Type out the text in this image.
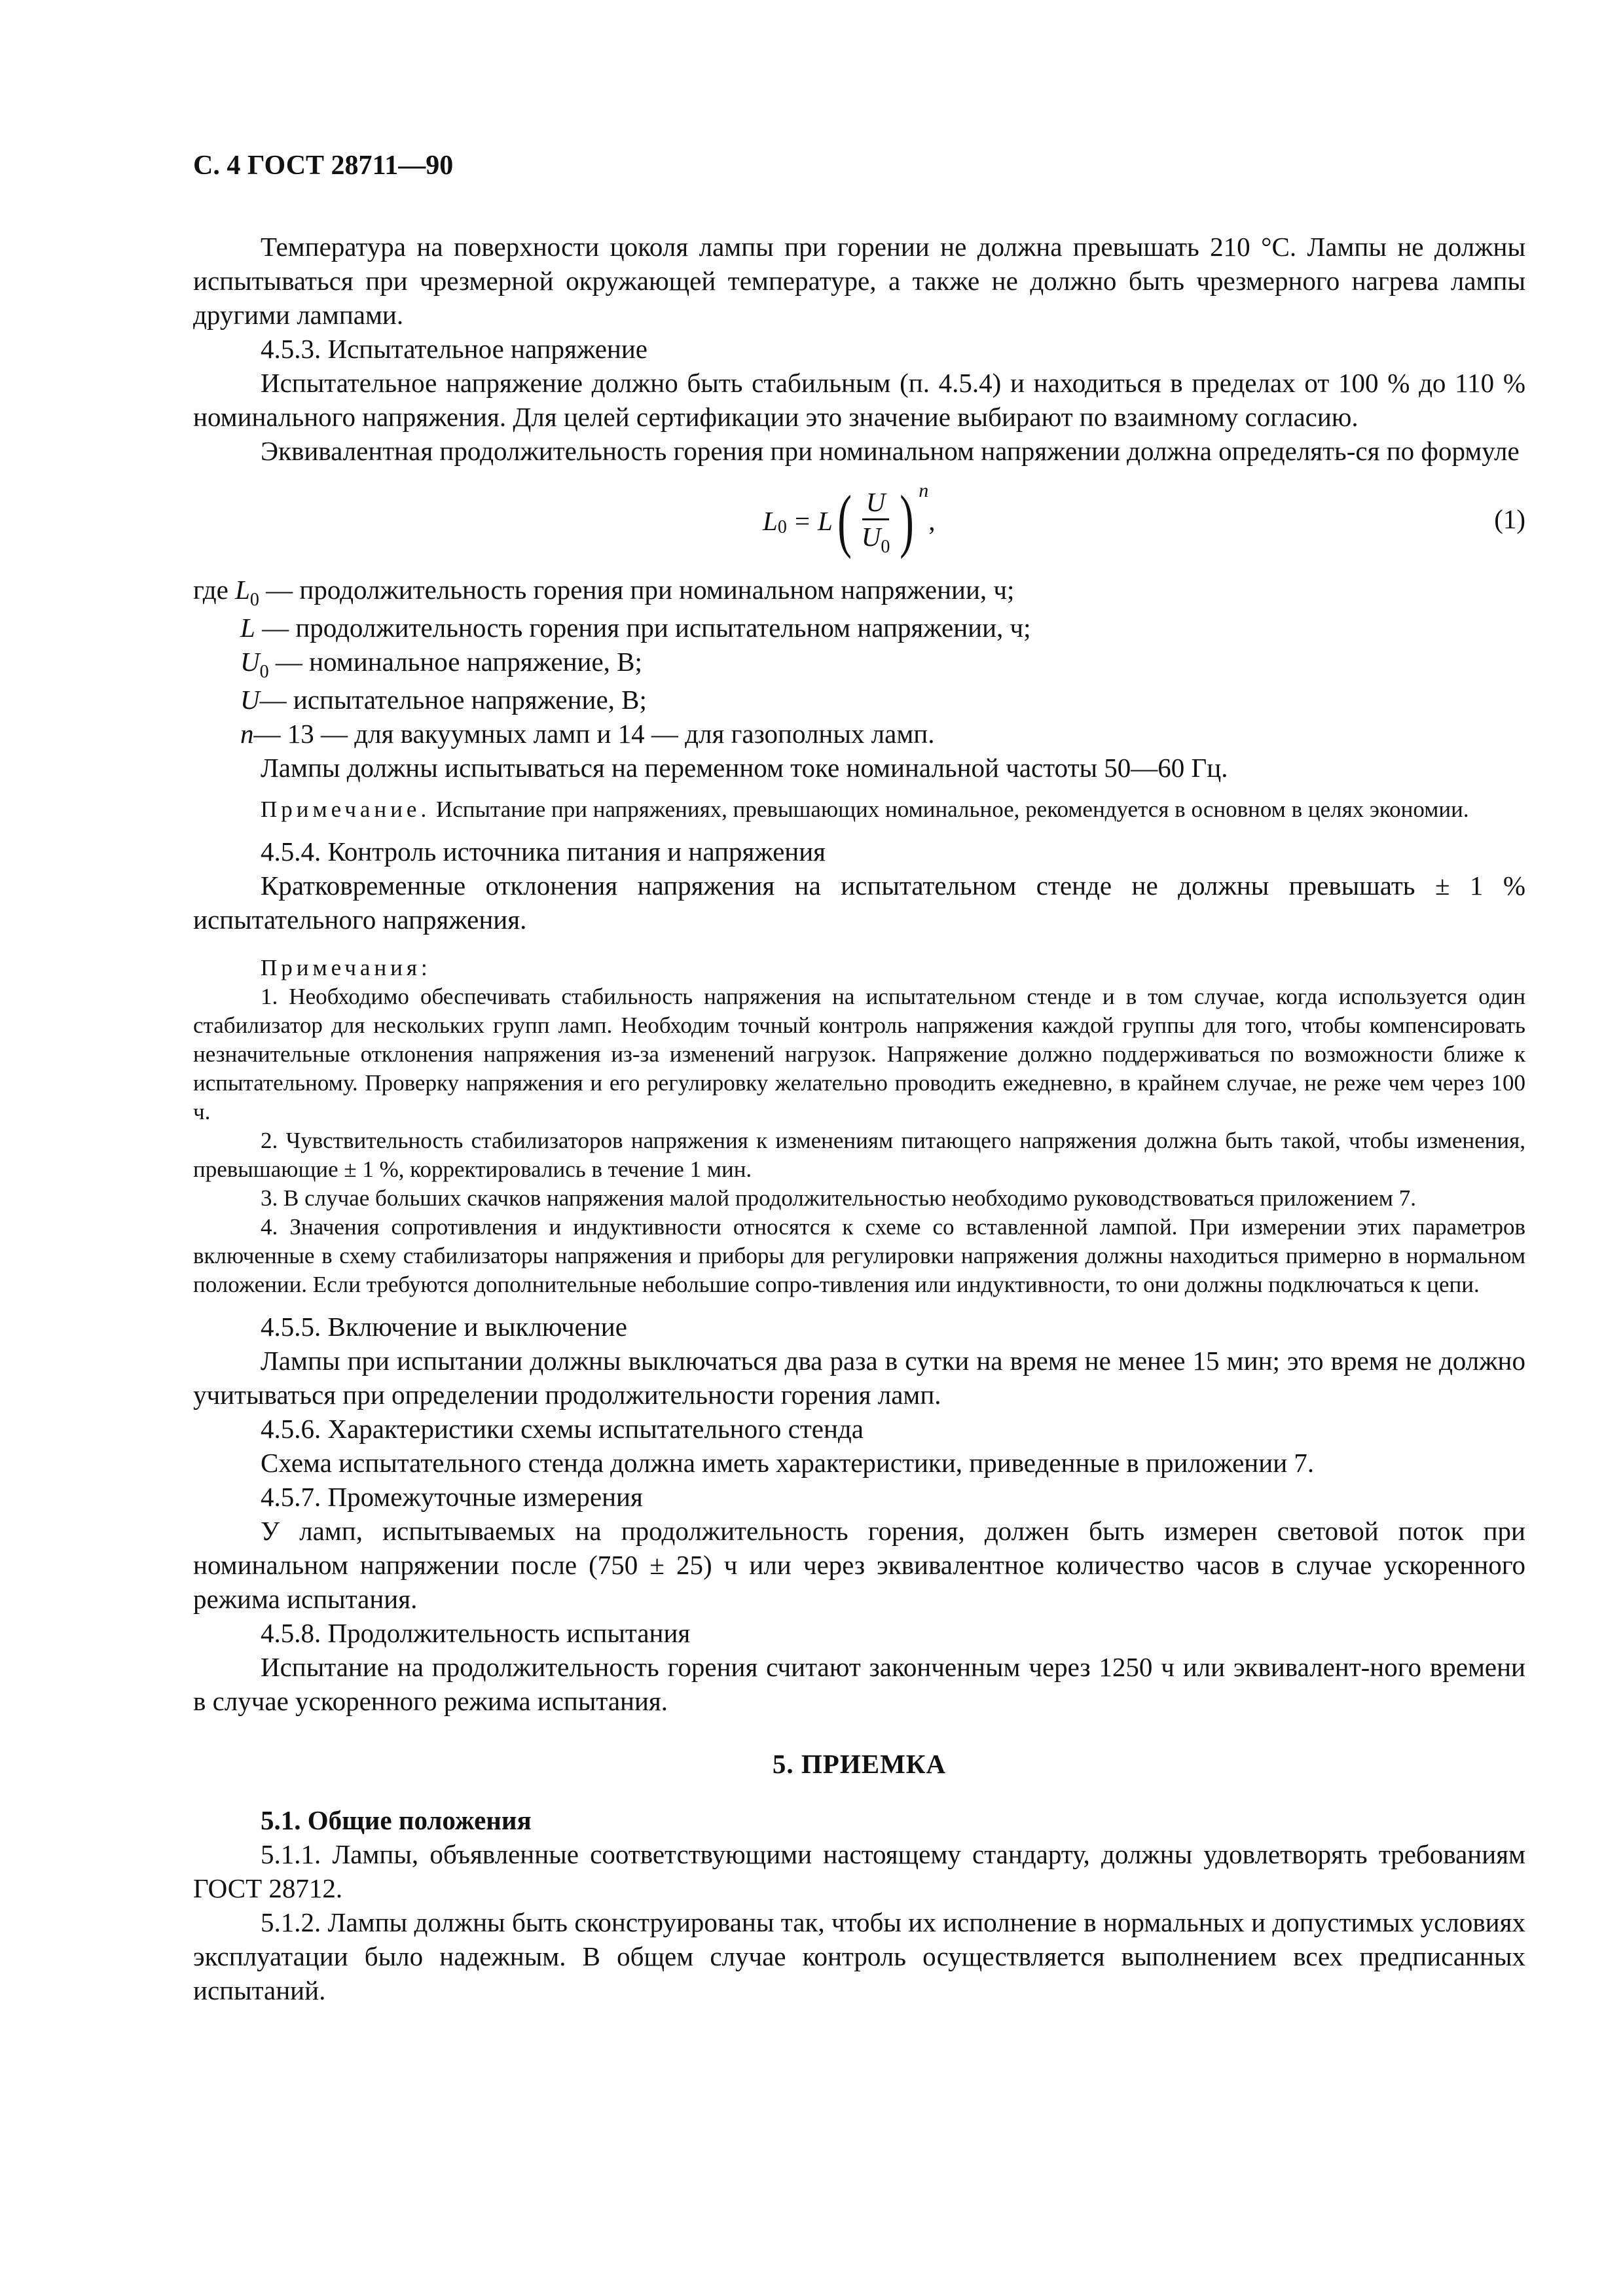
С. 4 ГОСТ 28711—90

Температура на поверхности цоколя лампы при горении не должна превышать 210 °С. Лампы не должны испытываться при чрезмерной окружающей температуре, а также не должно быть чрезмерного нагрева лампы другими лампами.

4.5.3. Испытательное напряжение

Испытательное напряжение должно быть стабильным (п. 4.5.4) и находиться в пределах от 100 % до 110 % номинального напряжения. Для целей сертификации это значение выбирают по взаимному согласию.

Эквивалентная продолжительность горения при номинальном напряжении должна определять-ся по формуле

L 0 = L ( $\frac{U}{U_0}$ ) n
,	(1)
где $L_0$ — продолжительность горения при номинальном напряжении, ч;
L — продолжительность горения при испытательном напряжении, ч;
$U_0$ — номинальное напряжение, В;
U— испытательное напряжение, В;
n— 13 — для вакуумных ламп и 14 — для газополных ламп.

Лампы должны испытываться на переменном токе номинальной частоты 50—60 Гц.

Примечание. Испытание при напряжениях, превышающих номинальное, рекомендуется в основном в целях экономии.

4.5.4. Контроль источника питания и напряжения

Кратковременные отклонения напряжения на испытательном стенде не должны превышать ± 1 % испытательного напряжения.

Примечания:

1. Необходимо обеспечивать стабильность напряжения на испытательном стенде и в том случае, когда используется один стабилизатор для нескольких групп ламп. Необходим точный контроль напряжения каждой группы для того, чтобы компенсировать незначительные отклонения напряжения из-за изменений нагрузок. Напряжение должно поддерживаться по возможности ближе к испытательному. Проверку напряжения и его регулировку желательно проводить ежедневно, в крайнем случае, не реже чем через 100 ч.

2. Чувствительность стабилизаторов напряжения к изменениям питающего напряжения должна быть такой, чтобы изменения, превышающие ± 1 %, корректировались в течение 1 мин.

3. В случае больших скачков напряжения малой продолжительностью необходимо руководствоваться приложением 7.

4. Значения сопротивления и индуктивности относятся к схеме со вставленной лампой. При измерении этих параметров включенные в схему стабилизаторы напряжения и приборы для регулировки напряжения должны находиться примерно в нормальном положении. Если требуются дополнительные небольшие сопро-тивления или индуктивности, то они должны подключаться к цепи.

4.5.5. Включение и выключение

Лампы при испытании должны выключаться два раза в сутки на время не менее 15 мин; это время не должно учитываться при определении продолжительности горения ламп.

4.5.6. Характеристики схемы испытательного стенда

Схема испытательного стенда должна иметь характеристики, приведенные в приложении 7.

4.5.7. Промежуточные измерения

У ламп, испытываемых на продолжительность горения, должен быть измерен световой поток при номинальном напряжении после (750 ± 25) ч или через эквивалентное количество часов в случае ускоренного режима испытания.

4.5.8. Продолжительность испытания

Испытание на продолжительность горения считают законченным через 1250 ч или эквивалент-ного времени в случае ускоренного режима испытания.

5. ПРИЕМКА
5.1. Общие положения

5.1.1. Лампы, объявленные соответствующими настоящему стандарту, должны удовлетворять требованиям ГОСТ 28712.

5.1.2. Лампы должны быть сконструированы так, чтобы их исполнение в нормальных и допустимых условиях эксплуатации было надежным. В общем случае контроль осуществляется выполнением всех предписанных испытаний.
